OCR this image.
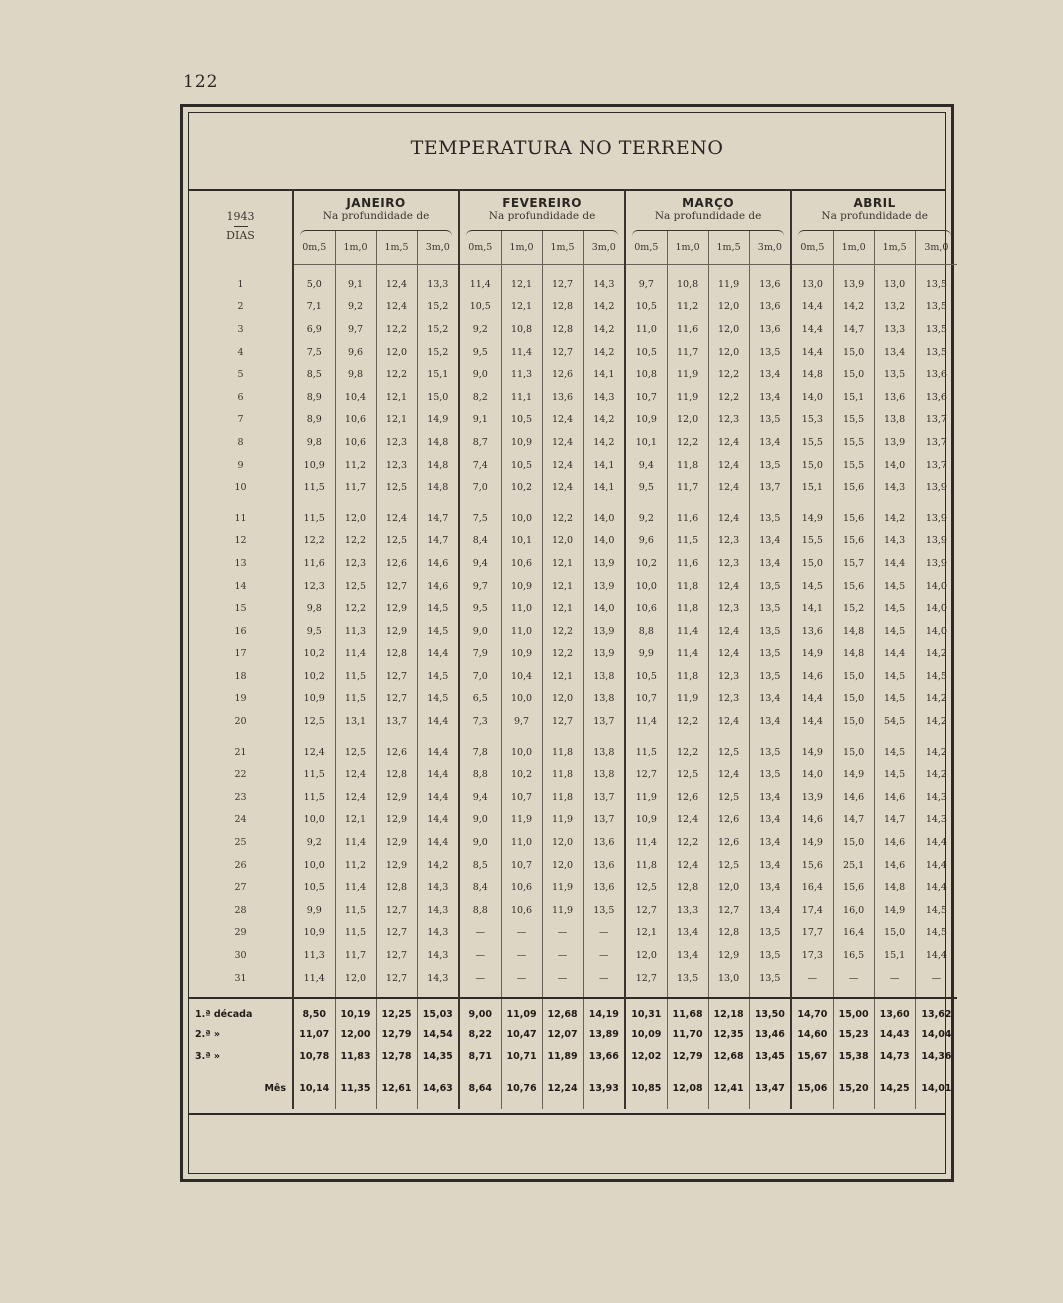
122
TEMPERATURA NO TERRENO
1943
DIAS	JANEIRO				FEVEREIRO				MARÇO				ABRIL			
	Na profundidade de				Na profundidade de				Na profundidade de				Na profundidade de			

	0m,5	1m,0	1m,5	3m,0	0m,5	1m,0	1m,5	3m,0	0m,5	1m,0	1m,5	3m,0	0m,5	1m,0	1m,5	3m,0

1	5,0	9,1	12,4	13,3	11,4	12,1	12,7	14,3	9,7	10,8	11,9	13,6	13,0	13,9	13,0	13,5
2	7,1	9,2	12,4	15,2	10,5	12,1	12,8	14,2	10,5	11,2	12,0	13,6	14,4	14,2	13,2	13,5
3	6,9	9,7	12,2	15,2	9,2	10,8	12,8	14,2	11,0	11,6	12,0	13,6	14,4	14,7	13,3	13,5
4	7,5	9,6	12,0	15,2	9,5	11,4	12,7	14,2	10,5	11,7	12,0	13,5	14,4	15,0	13,4	13,5
5	8,5	9,8	12,2	15,1	9,0	11,3	12,6	14,1	10,8	11,9	12,2	13,4	14,8	15,0	13,5	13,6
6	8,9	10,4	12,1	15,0	8,2	11,1	13,6	14,3	10,7	11,9	12,2	13,4	14,0	15,1	13,6	13,6
7	8,9	10,6	12,1	14,9	9,1	10,5	12,4	14,2	10,9	12,0	12,3	13,5	15,3	15,5	13,8	13,7
8	9,8	10,6	12,3	14,8	8,7	10,9	12,4	14,2	10,1	12,2	12,4	13,4	15,5	15,5	13,9	13,7
9	10,9	11,2	12,3	14,8	7,4	10,5	12,4	14,1	9,4	11,8	12,4	13,5	15,0	15,5	14,0	13,7
10	11,5	11,7	12,5	14,8	7,0	10,2	12,4	14,1	9,5	11,7	12,4	13,7	15,1	15,6	14,3	13,9

11	11,5	12,0	12,4	14,7	7,5	10,0	12,2	14,0	9,2	11,6	12,4	13,5	14,9	15,6	14,2	13,9
12	12,2	12,2	12,5	14,7	8,4	10,1	12,0	14,0	9,6	11,5	12,3	13,4	15,5	15,6	14,3	13,9
13	11,6	12,3	12,6	14,6	9,4	10,6	12,1	13,9	10,2	11,6	12,3	13,4	15,0	15,7	14,4	13,9
14	12,3	12,5	12,7	14,6	9,7	10,9	12,1	13,9	10,0	11,8	12,4	13,5	14,5	15,6	14,5	14,0
15	9,8	12,2	12,9	14,5	9,5	11,0	12,1	14,0	10,6	11,8	12,3	13,5	14,1	15,2	14,5	14,0
16	9,5	11,3	12,9	14,5	9,0	11,0	12,2	13,9	8,8	11,4	12,4	13,5	13,6	14,8	14,5	14,0
17	10,2	11,4	12,8	14,4	7,9	10,9	12,2	13,9	9,9	11,4	12,4	13,5	14,9	14,8	14,4	14,2
18	10,2	11,5	12,7	14,5	7,0	10,4	12,1	13,8	10,5	11,8	12,3	13,5	14,6	15,0	14,5	14,5
19	10,9	11,5	12,7	14,5	6,5	10,0	12,0	13,8	10,7	11,9	12,3	13,4	14,4	15,0	14,5	14,2
20	12,5	13,1	13,7	14,4	7,3	9,7	12,7	13,7	11,4	12,2	12,4	13,4	14,4	15,0	54,5	14,2

21	12,4	12,5	12,6	14,4	7,8	10,0	11,8	13,8	11,5	12,2	12,5	13,5	14,9	15,0	14,5	14,2
22	11,5	12,4	12,8	14,4	8,8	10,2	11,8	13,8	12,7	12,5	12,4	13,5	14,0	14,9	14,5	14,2
23	11,5	12,4	12,9	14,4	9,4	10,7	11,8	13,7	11,9	12,6	12,5	13,4	13,9	14,6	14,6	14,3
24	10,0	12,1	12,9	14,4	9,0	11,9	11,9	13,7	10,9	12,4	12,6	13,4	14,6	14,7	14,7	14,3
25	9,2	11,4	12,9	14,4	9,0	11,0	12,0	13,6	11,4	12,2	12,6	13,4	14,9	15,0	14,6	14,4
26	10,0	11,2	12,9	14,2	8,5	10,7	12,0	13,6	11,8	12,4	12,5	13,4	15,6	25,1	14,6	14,4
27	10,5	11,4	12,8	14,3	8,4	10,6	11,9	13,6	12,5	12,8	12,0	13,4	16,4	15,6	14,8	14,4
28	9,9	11,5	12,7	14,3	8,8	10,6	11,9	13,5	12,7	13,3	12,7	13,4	17,4	16,0	14,9	14,5
29	10,9	11,5	12,7	14,3	—	—	—	—	12,1	13,4	12,8	13,5	17,7	16,4	15,0	14,5
30	11,3	11,7	12,7	14,3	—	—	—	—	12,0	13,4	12,9	13,5	17,3	16,5	15,1	14,4
31	11,4	12,0	12,7	14,3	—	—	—	—	12,7	13,5	13,0	13,5	—	—	—	—

1.ª década	8,50	10,19	12,25	15,03	9,00	11,09	12,68	14,19	10,31	11,68	12,18	13,50	14,70	15,00	13,60	13,62
2.ª »	11,07	12,00	12,79	14,54	8,22	10,47	12,07	13,89	10,09	11,70	12,35	13,46	14,60	15,23	14,43	14,04
3.ª »	10,78	11,83	12,78	14,35	8,71	10,71	11,89	13,66	12,02	12,79	12,68	13,45	15,67	15,38	14,73	14,36

Mês	10,14	11,35	12,61	14,63	8,64	10,76	12,24	13,93	10,85	12,08	12,41	13,47	15,06	15,20	14,25	14,01
